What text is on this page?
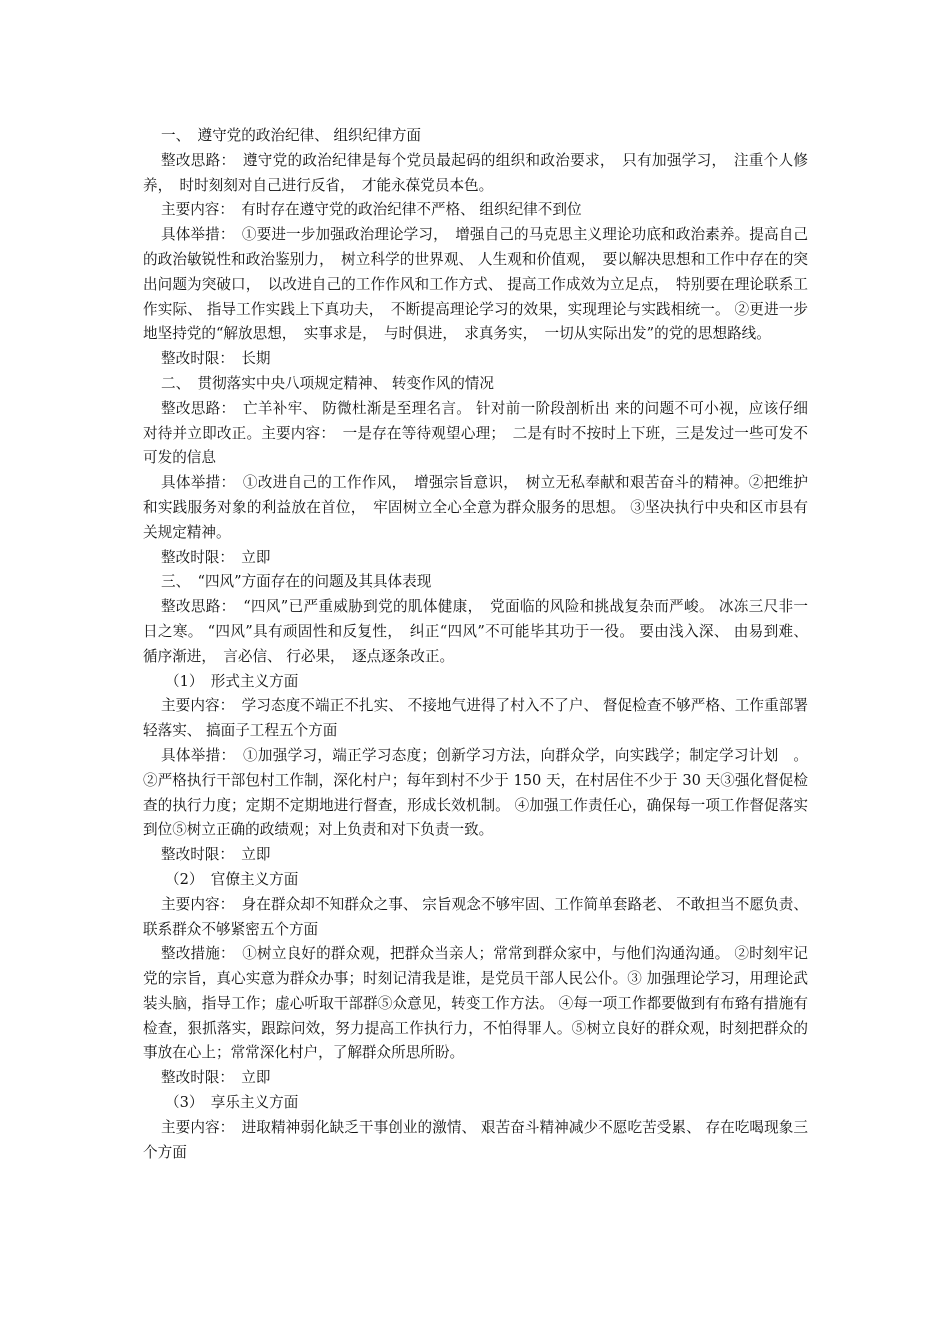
一、　遵守党的政治纪律、 组织纪律方面

整改思路：　遵守党的政治纪律是每个党员最起码的组织和政治要求，　只有加强学习，　注重个人修养，　时时刻刻对自己进行反省，　才能永葆党员本色。

主要内容：　有时存在遵守党的政治纪律不严格、 组织纪律不到位

具体举措：　①要进一步加强政治理论学习，　增强自己的马克思主义理论功底和政治素养。提高自己的政治敏锐性和政治鉴别力，　树立科学的世界观、 人生观和价值观，　要以解决思想和工作中存在的突出问题为突破口，　以改进自己的工作作风和工作方式、 提高工作成效为立足点，　特别要在理论联系工作实际、 指导工作实践上下真功夫，　不断提高理论学习的效果，实现理论与实践相统一。 ②更进一步地坚持党的“解放思想，　实事求是，　与时俱进，　求真务实，　一切从实际出发”的党的思想路线。

整改时限：　长期

二、　贯彻落实中央八项规定精神、 转变作风的情况

整改思路：　亡羊补牢、 防微杜渐是至理名言。 针对前一阶段剖析出 来的问题不可小视，应该仔细对待并立即改正。主要内容：　一是存在等待观望心理；　二是有时不按时上下班，三是发过一些可发不可发的信息

具体举措：　①改进自己的工作作风，　增强宗旨意识，　树立无私奉献和艰苦奋斗的精神。②把维护和实践服务对象的利益放在首位，　牢固树立全心全意为群众服务的思想。 ③坚决执行中央和区市县有关规定精神。

整改时限：　立即

三、　“四风”方面存在的问题及其具体表现

整改思路：　“四风”已严重威胁到党的肌体健康，　党面临的风险和挑战复杂而严峻。 冰冻三尺非一日之寒。 “四风”具有顽固性和反复性，　纠正“四风”不可能毕其功于一役。 要由浅入深、 由易到难、 循序渐进，　言必信、 行必果，　逐点逐条改正。

（1）　形式主义方面

主要内容：　学习态度不端正不扎实、 不接地气进得了村入不了户、 督促检查不够严格、工作重部署轻落实、 搞面子工程五个方面

具体举措：　①加强学习，端正学习态度；创新学习方法，向群众学，向实践学；制定学习计划　。 ②严格执行干部包村工作制，深化村户；每年到村不少于 150 天，在村居住不少于 30 天③强化督促检查的执行力度；定期不定期地进行督查，形成长效机制。 ④加强工作责任心，确保每一项工作督促落实到位⑤树立正确的政绩观；对上负责和对下负责一致。

整改时限：　立即

（2）　官僚主义方面

主要内容：　身在群众却不知群众之事、 宗旨观念不够牢固、工作简单套路老、 不敢担当不愿负责、 联系群众不够紧密五个方面

整改措施：　①树立良好的群众观，把群众当亲人；常常到群众家中，与他们沟通沟通。 ②时刻牢记党的宗旨，真心实意为群众办事；时刻记清我是谁，是党员干部人民公仆。③ 加强理论学习，用理论武装头脑，指导工作；虚心听取干部群⑤众意见，转变工作方法。 ④每一项工作都要做到有布臵有措施有检查，狠抓落实，跟踪问效，努力提高工作执行力，不怕得罪人。⑤树立良好的群众观，时刻把群众的事放在心上；常常深化村户，了解群众所思所盼。

整改时限：　立即

（3）　享乐主义方面

主要内容：　进取精神弱化缺乏干事创业的激情、 艰苦奋斗精神减少不愿吃苦受累、 存在吃喝现象三个方面
